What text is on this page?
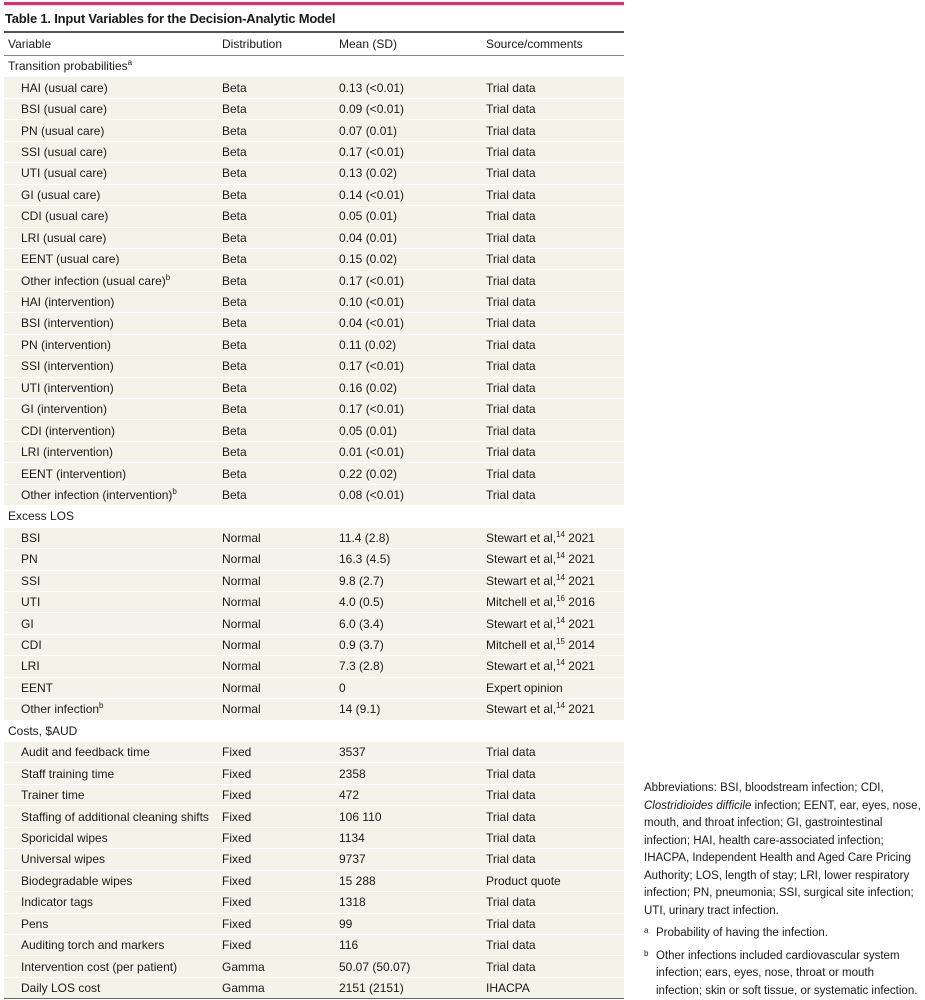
Table 1. Input Variables for the Decision-Analytic Model
Variable	Distribution	Mean (SD)	Source/comments
Transition probabilities$^a$
HAI (usual care)	Beta	0.13 (<0.01)	Trial data
BSI (usual care)	Beta	0.09 (<0.01)	Trial data
PN (usual care)	Beta	0.07 (0.01)	Trial data
SSI (usual care)	Beta	0.17 (<0.01)	Trial data
UTI (usual care)	Beta	0.13 (0.02)	Trial data
GI (usual care)	Beta	0.14 (<0.01)	Trial data
CDI (usual care)	Beta	0.05 (0.01)	Trial data
LRI (usual care)	Beta	0.04 (0.01)	Trial data
EENT (usual care)	Beta	0.15 (0.02)	Trial data
Other infection (usual care)$^b$	Beta	0.17 (<0.01)	Trial data
HAI (intervention)	Beta	0.10 (<0.01)	Trial data
BSI (intervention)	Beta	0.04 (<0.01)	Trial data
PN (intervention)	Beta	0.11 (0.02)	Trial data
SSI (intervention)	Beta	0.17 (<0.01)	Trial data
UTI (intervention)	Beta	0.16 (0.02)	Trial data
GI (intervention)	Beta	0.17 (<0.01)	Trial data
CDI (intervention)	Beta	0.05 (0.01)	Trial data
LRI (intervention)	Beta	0.01 (<0.01)	Trial data
EENT (intervention)	Beta	0.22 (0.02)	Trial data
Other infection (intervention)$^b$	Beta	0.08 (<0.01)	Trial data
Excess LOS			
BSI	Normal	11.4 (2.8)	Stewart et al,$^{14}$ 2021
PN	Normal	16.3 (4.5)	Stewart et al,$^{14}$ 2021
SSI	Normal	9.8 (2.7)	Stewart et al,$^{14}$ 2021
UTI	Normal	4.0 (0.5)	Mitchell et al,$^{16}$ 2016
GI	Normal	6.0 (3.4)	Stewart et al,$^{14}$ 2021
CDI	Normal	0.9 (3.7)	Mitchell et al,$^{15}$ 2014
LRI	Normal	7.3 (2.8)	Stewart et al,$^{14}$ 2021
EENT	Normal	0	Expert opinion
Other infection$^b$	Normal	14 (9.1)	Stewart et al,$^{14}$ 2021
Costs, $AUD			
Audit and feedback time	Fixed	3537	Trial data
Staff training time	Fixed	2358	Trial data
Trainer time	Fixed	472	Trial data
Staffing of additional cleaning shifts	Fixed	106 110	Trial data
Sporicidal wipes	Fixed	1134	Trial data
Universal wipes	Fixed	9737	Trial data
Biodegradable wipes	Fixed	15 288	Product quote
Indicator tags	Fixed	1318	Trial data
Pens	Fixed	99	Trial data
Auditing torch and markers	Fixed	116	Trial data
Intervention cost (per patient)	Gamma	50.07 (50.07)	Trial data
Daily LOS cost	Gamma	2151 (2151)	IHACPA

Abbreviations: BSI, bloodstream infection; CDI, Clostridioides difficile infection; EENT, ear, eyes, nose, mouth, and throat infection; GI, gastrointestinal infection; HAI, health care-associated infection; IHACPA, Independent Health and Aged Care Pricing Authority; LOS, length of stay; LRI, lower respiratory infection; PN, pneumonia; SSI, surgical site infection; UTI, urinary tract infection.

a Probability of having the infection.
b Other infections included cardiovascular system infection; ears, eyes, nose, throat or mouth infection; skin or soft tissue, or systematic infection.
